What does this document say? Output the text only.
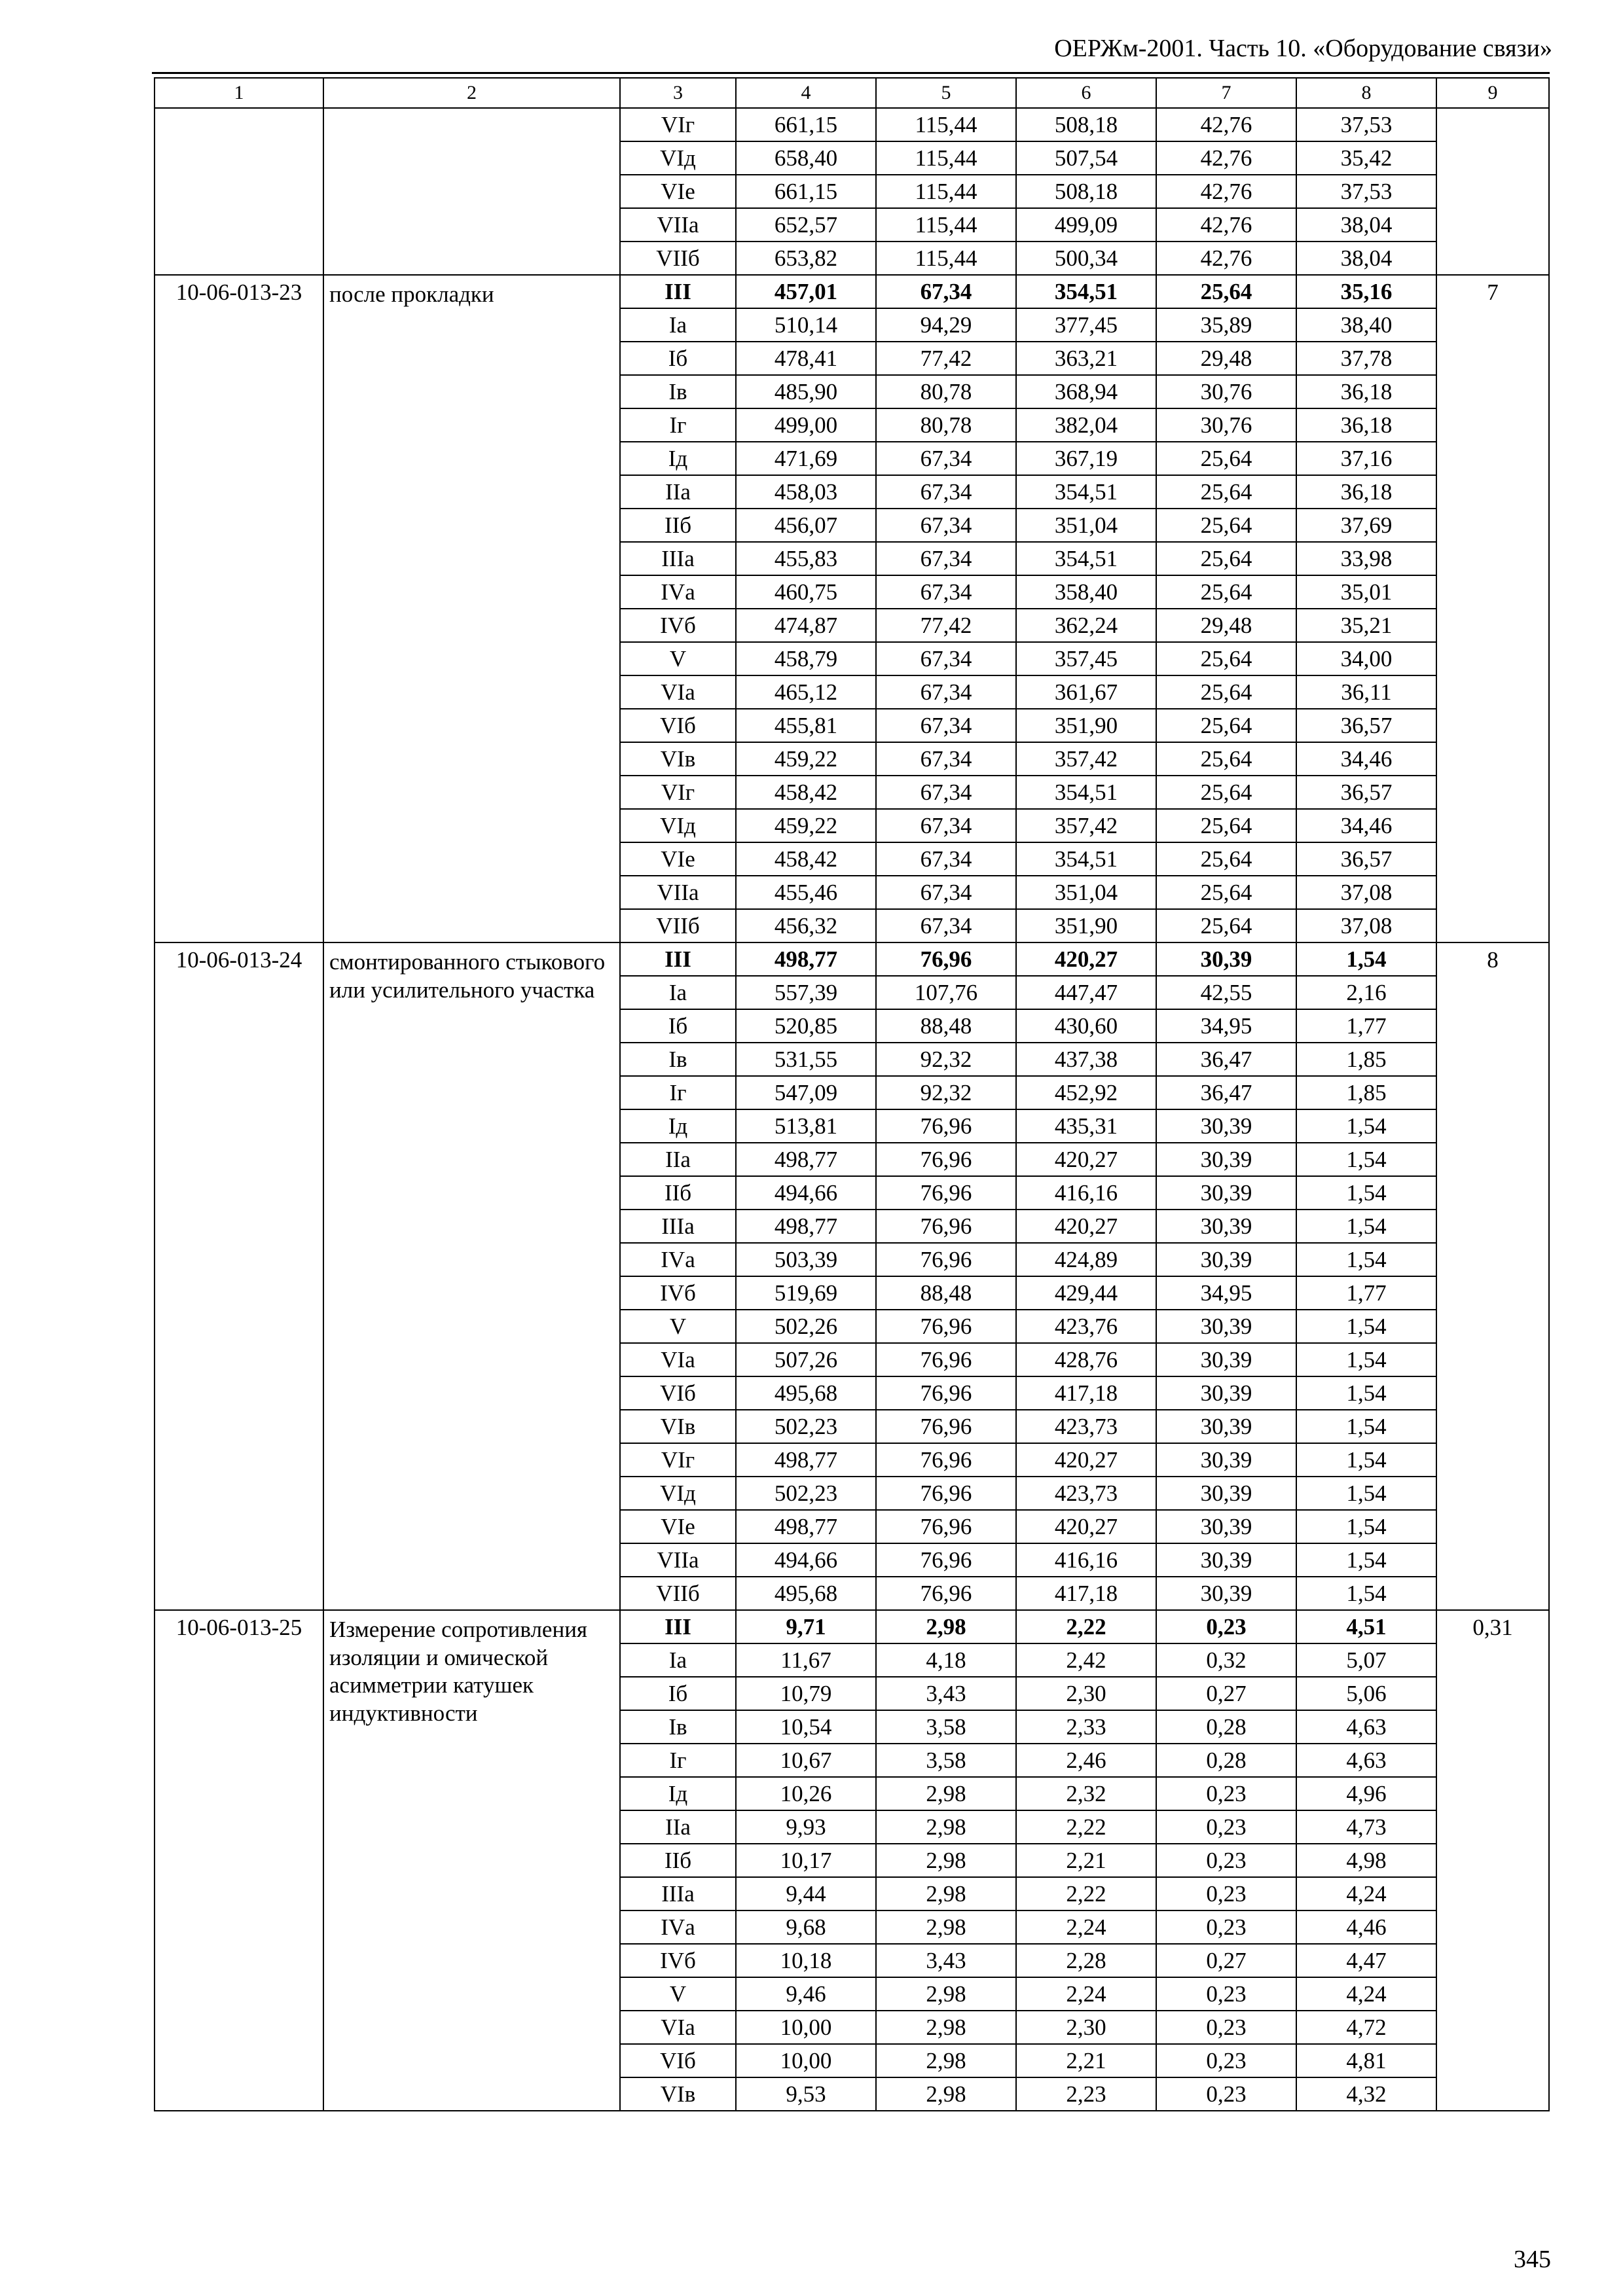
ОЕРЖм-2001. Часть 10. «Оборудование связи»
1	2	3	4	5	6	7	8	9
		VIг	661,15	115,44	508,18	42,76	37,53	
		VIд	658,40	115,44	507,54	42,76	35,42	
		VIе	661,15	115,44	508,18	42,76	37,53	
		VIIа	652,57	115,44	499,09	42,76	38,04	
		VIIб	653,82	115,44	500,34	42,76	38,04	
10-06-013-23	после прокладки	III	457,01	67,34	354,51	25,64	35,16	7
		Iа	510,14	94,29	377,45	35,89	38,40	
		Iб	478,41	77,42	363,21	29,48	37,78	
		Iв	485,90	80,78	368,94	30,76	36,18	
		Iг	499,00	80,78	382,04	30,76	36,18	
		Iд	471,69	67,34	367,19	25,64	37,16	
		IIа	458,03	67,34	354,51	25,64	36,18	
		IIб	456,07	67,34	351,04	25,64	37,69	
		IIIа	455,83	67,34	354,51	25,64	33,98	
		IVа	460,75	67,34	358,40	25,64	35,01	
		IVб	474,87	77,42	362,24	29,48	35,21	
		V	458,79	67,34	357,45	25,64	34,00	
		VIа	465,12	67,34	361,67	25,64	36,11	
		VIб	455,81	67,34	351,90	25,64	36,57	
		VIв	459,22	67,34	357,42	25,64	34,46	
		VIг	458,42	67,34	354,51	25,64	36,57	
		VIд	459,22	67,34	357,42	25,64	34,46	
		VIе	458,42	67,34	354,51	25,64	36,57	
		VIIа	455,46	67,34	351,04	25,64	37,08	
		VIIб	456,32	67,34	351,90	25,64	37,08	
10-06-013-24	смонтированного стыкового или усилительного участка	III	498,77	76,96	420,27	30,39	1,54	8
		Iа	557,39	107,76	447,47	42,55	2,16	
		Iб	520,85	88,48	430,60	34,95	1,77	
		Iв	531,55	92,32	437,38	36,47	1,85	
		Iг	547,09	92,32	452,92	36,47	1,85	
		Iд	513,81	76,96	435,31	30,39	1,54	
		IIа	498,77	76,96	420,27	30,39	1,54	
		IIб	494,66	76,96	416,16	30,39	1,54	
		IIIа	498,77	76,96	420,27	30,39	1,54	
		IVа	503,39	76,96	424,89	30,39	1,54	
		IVб	519,69	88,48	429,44	34,95	1,77	
		V	502,26	76,96	423,76	30,39	1,54	
		VIа	507,26	76,96	428,76	30,39	1,54	
		VIб	495,68	76,96	417,18	30,39	1,54	
		VIв	502,23	76,96	423,73	30,39	1,54	
		VIг	498,77	76,96	420,27	30,39	1,54	
		VIд	502,23	76,96	423,73	30,39	1,54	
		VIе	498,77	76,96	420,27	30,39	1,54	
		VIIа	494,66	76,96	416,16	30,39	1,54	
		VIIб	495,68	76,96	417,18	30,39	1,54	
10-06-013-25	Измерение сопротивления изоляции и омической асимметрии катушек индуктивности	III	9,71	2,98	2,22	0,23	4,51	0,31
		Iа	11,67	4,18	2,42	0,32	5,07	
		Iб	10,79	3,43	2,30	0,27	5,06	
		Iв	10,54	3,58	2,33	0,28	4,63	
		Iг	10,67	3,58	2,46	0,28	4,63	
		Iд	10,26	2,98	2,32	0,23	4,96	
		IIа	9,93	2,98	2,22	0,23	4,73	
		IIб	10,17	2,98	2,21	0,23	4,98	
		IIIа	9,44	2,98	2,22	0,23	4,24	
		IVа	9,68	2,98	2,24	0,23	4,46	
		IVб	10,18	3,43	2,28	0,27	4,47	
		V	9,46	2,98	2,24	0,23	4,24	
		VIа	10,00	2,98	2,30	0,23	4,72	
		VIб	10,00	2,98	2,21	0,23	4,81	
		VIв	9,53	2,98	2,23	0,23	4,32	
345
